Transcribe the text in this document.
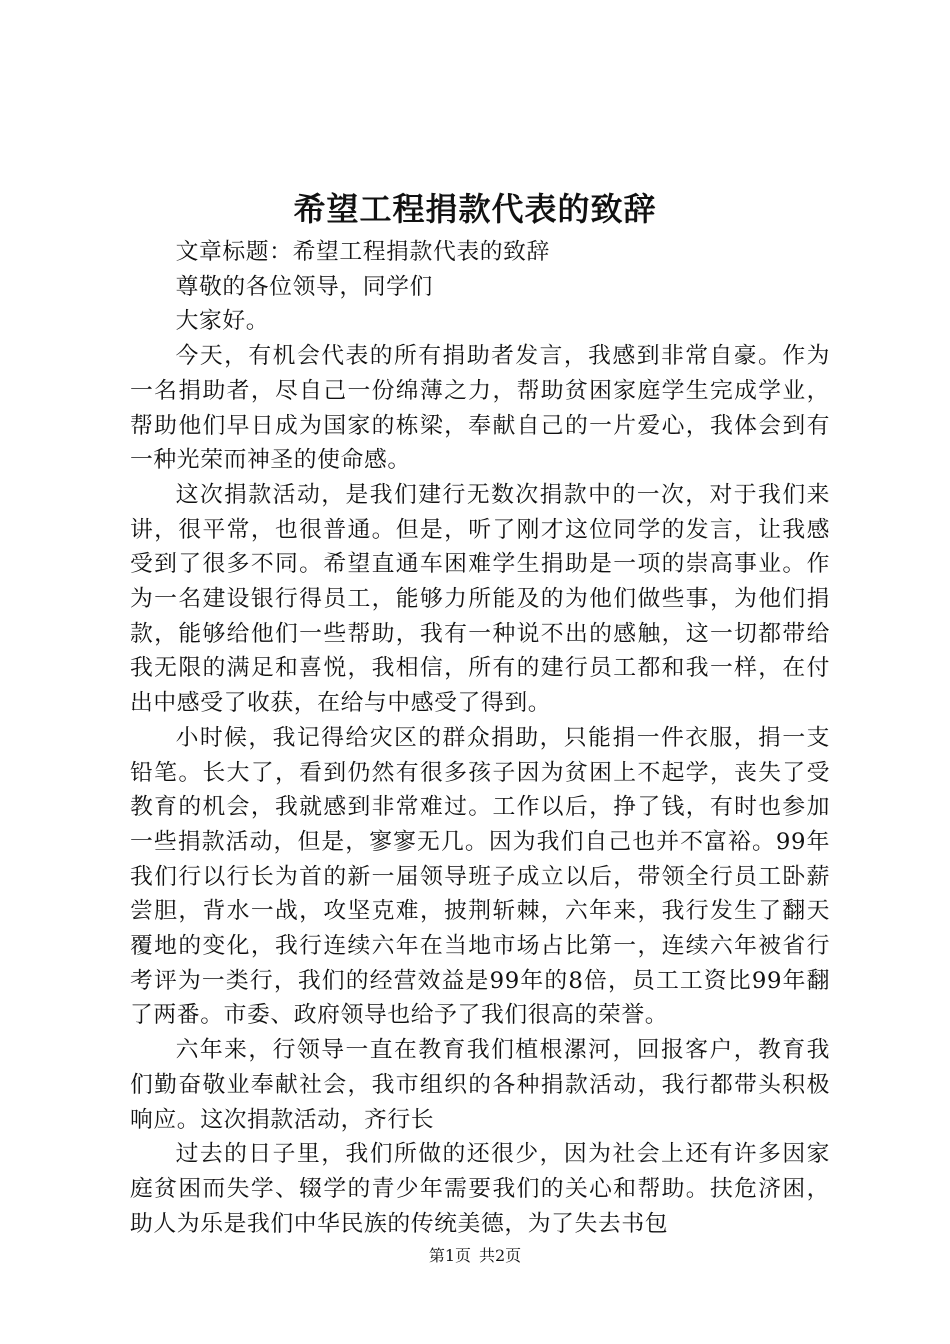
希望工程捐款代表的致辞

文章标题：希望工程捐款代表的致辞

尊敬的各位领导，同学们

大家好。

今天，有机会代表的所有捐助者发言，我感到非常自豪。作为一名捐助者，尽自己一份绵薄之力，帮助贫困家庭学生完成学业，帮助他们早日成为国家的栋梁，奉献自己的一片爱心，我体会到有一种光荣而神圣的使命感。

这次捐款活动，是我们建行无数次捐款中的一次，对于我们来讲，很平常，也很普通。但是，听了刚才这位同学的发言，让我感受到了很多不同。希望直通车困难学生捐助是一项的崇高事业。作为一名建设银行得员工，能够力所能及的为他们做些事，为他们捐款，能够给他们一些帮助，我有一种说不出的感触，这一切都带给我无限的满足和喜悦，我相信，所有的建行员工都和我一样，在付出中感受了收获，在给与中感受了得到。

小时候，我记得给灾区的群众捐助，只能捐一件衣服，捐一支铅笔。长大了，看到仍然有很多孩子因为贫困上不起学，丧失了受教育的机会，我就感到非常难过。工作以后，挣了钱，有时也参加一些捐款活动，但是，寥寥无几。因为我们自己也并不富裕。99年我们行以行长为首的新一届领导班子成立以后，带领全行员工卧薪尝胆，背水一战，攻坚克难，披荆斩棘，六年来，我行发生了翻天覆地的变化，我行连续六年在当地市场占比第一，连续六年被省行考评为一类行，我们的经营效益是99年的8倍，员工工资比99年翻了两番。市委、政府领导也给予了我们很高的荣誉。

六年来，行领导一直在教育我们植根漯河，回报客户，教育我们勤奋敬业奉献社会，我市组织的各种捐款活动，我行都带头积极响应。这次捐款活动，齐行长

过去的日子里，我们所做的还很少，因为社会上还有许多因家庭贫困而失学、辍学的青少年需要我们的关心和帮助。扶危济困，助人为乐是我们中华民族的传统美德，为了失去书包

第1页 共2页
